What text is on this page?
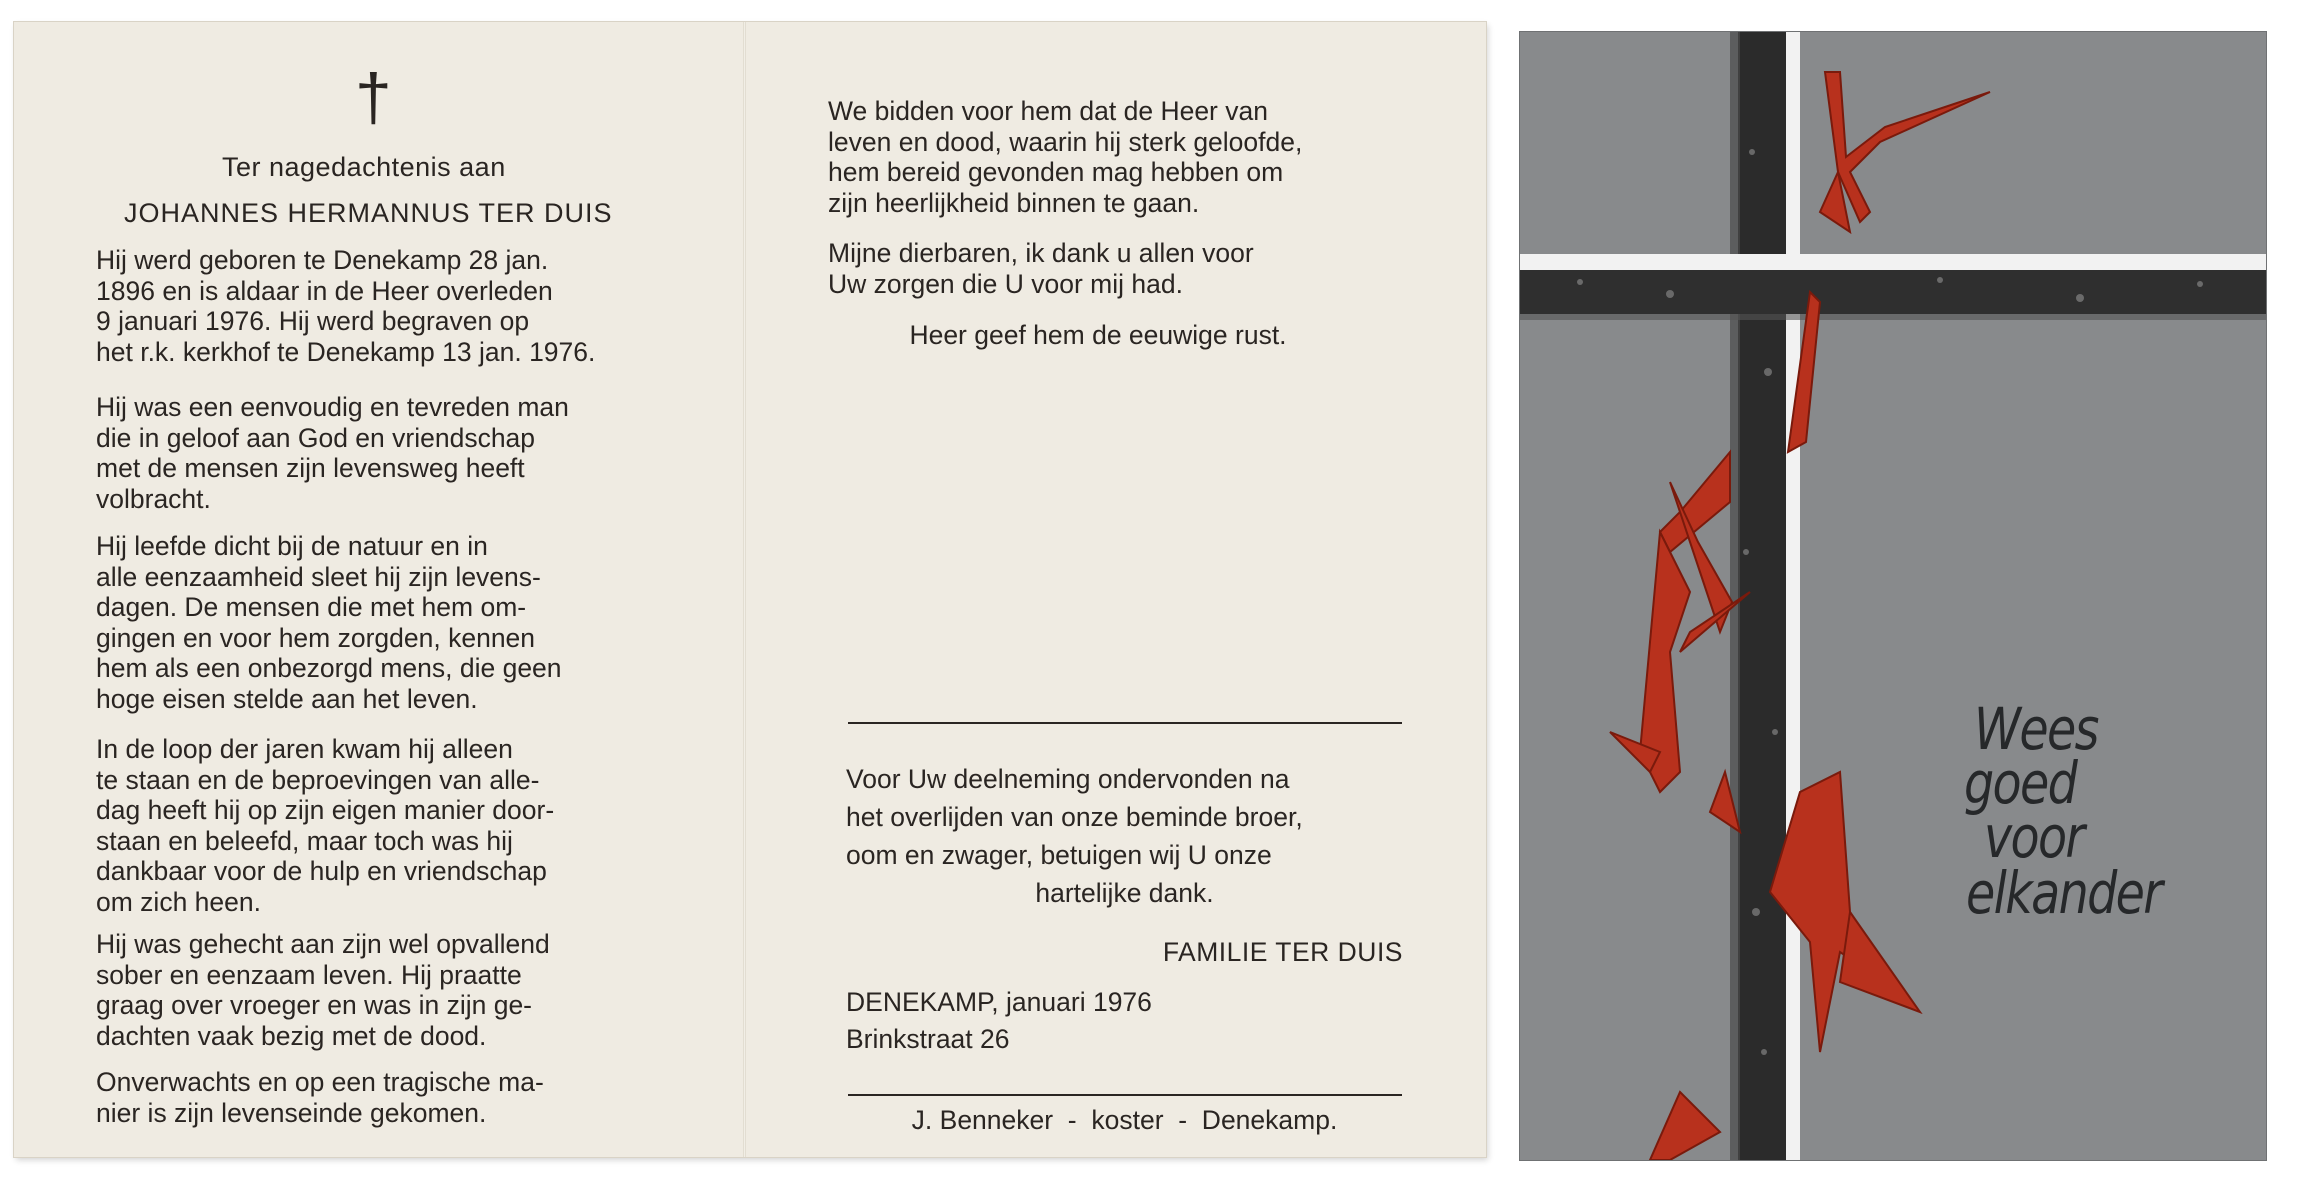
†
Ter nagedachtenis aan
JOHANNES HERMANNUS TER DUIS
Hij werd geboren te Denekamp 28 jan.
1896 en is aldaar in de Heer overleden
9 januari 1976. Hij werd begraven op
het r.k. kerkhof te Denekamp 13 jan. 1976.
Hij was een eenvoudig en tevreden man
die in geloof aan God en vriendschap
met de mensen zijn levensweg heeft
volbracht.
Hij leefde dicht bij de natuur en in
alle eenzaamheid sleet hij zijn levens-
dagen. De mensen die met hem om-
gingen en voor hem zorgden, kennen
hem als een onbezorgd mens, die geen
hoge eisen stelde aan het leven.
In de loop der jaren kwam hij alleen
te staan en de beproevingen van alle-
dag heeft hij op zijn eigen manier door-
staan en beleefd, maar toch was hij
dankbaar voor de hulp en vriendschap
om zich heen.
Hij was gehecht aan zijn wel opvallend
sober en eenzaam leven. Hij praatte
graag over vroeger en was in zijn ge-
dachten vaak bezig met de dood.
Onverwachts en op een tragische ma-
nier is zijn levenseinde gekomen.
We bidden voor hem dat de Heer van
leven en dood, waarin hij sterk geloofde,
hem bereid gevonden mag hebben om
zijn heerlijkheid binnen te gaan.
Mijne dierbaren, ik dank u allen voor
Uw zorgen die U voor mij had.
Heer geef hem de eeuwige rust.
Voor Uw deelneming ondervonden na
het overlijden van onze beminde broer,
oom en zwager, betuigen wij U onze
hartelijke dank.
FAMILIE TER DUIS
DENEKAMP, januari 1976
Brinkstraat 26
J. Benneker  -  koster  -  Denekamp.
Wees
goed
voor
elkander
